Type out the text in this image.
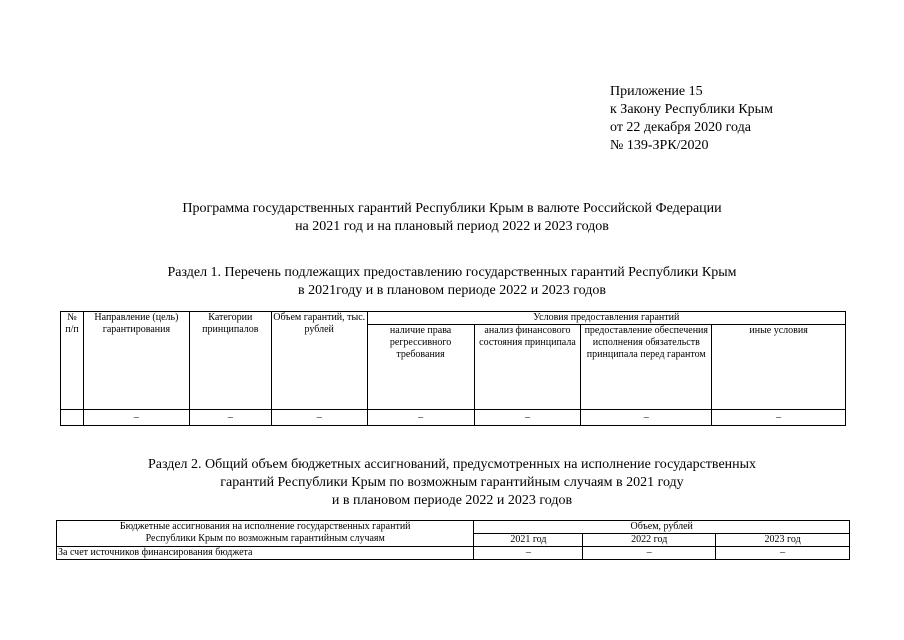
Приложение 15
к Закону Республики Крым
от 22 декабря 2020 года
№ 139-ЗРК/2020
Программа государственных гарантий Республики Крым в валюте Российской Федерации
на 2021 год и на плановый период 2022 и 2023 годов
Раздел 1. Перечень подлежащих предоставлению государственных гарантий Республики Крым
в 2021году и в плановом периоде 2022 и 2023 годов
№ п/п	Направление (цель) гарантирования	Категории принципалов	Объем гарантий, тыс. рублей	Условия предоставления гарантий			
				наличие права регрессивного требования	анализ финансового состояния принципала	предоставление обеспечения исполнения обязательств принципала перед гарантом	иные условия
	–	–	–	–	–	–	–
Раздел 2. Общий объем бюджетных ассигнований, предусмотренных на исполнение государственных
гарантий Республики Крым по возможным гарантийным случаям в 2021 году
и в плановом периоде 2022 и 2023 годов
Бюджетные ассигнования на исполнение государственных гарантий
Республики Крым по возможным гарантийным случаям	Объем, рублей		
	2021 год	2022 год	2023 год
За счет источников финансирования бюджета	–	–	–
